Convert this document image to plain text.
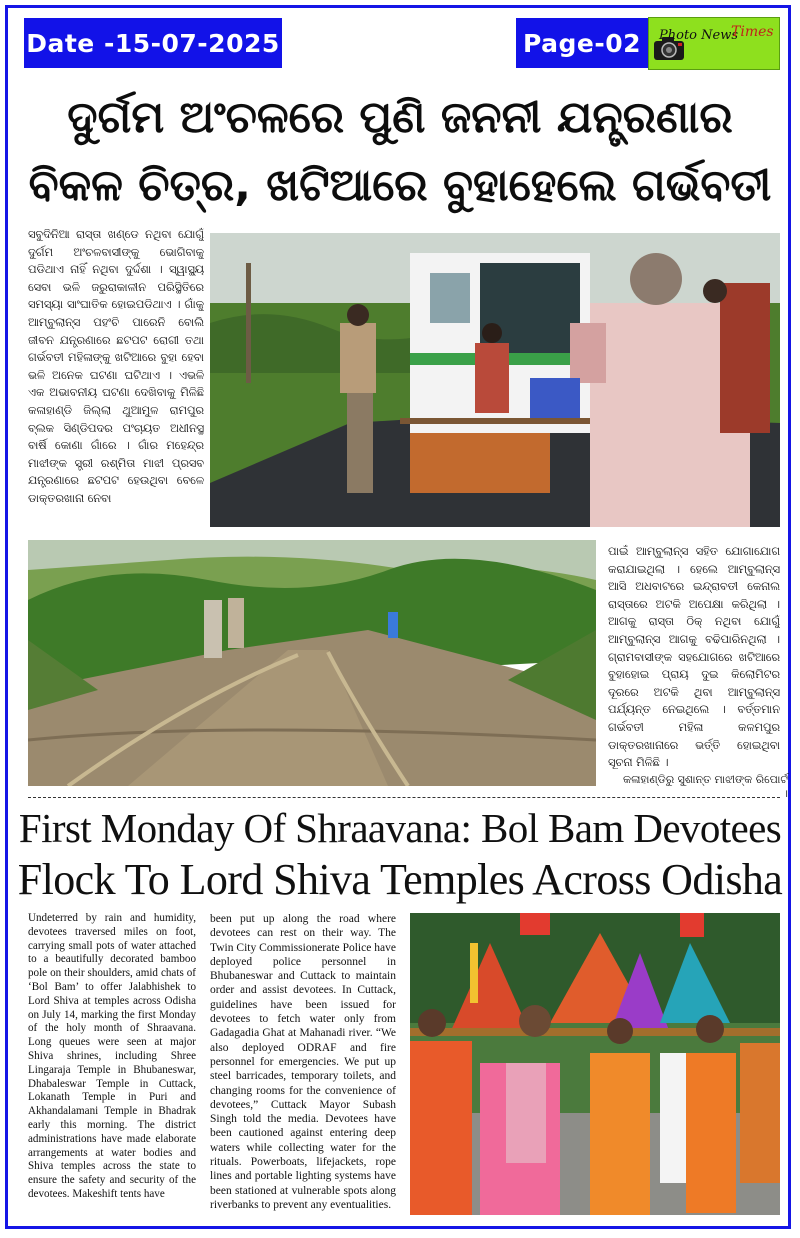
Date -15-07-2025	Page-02 Photo News
Times
ଦୁର୍ଗମ ଅଂଚଳରେ ପୁଣି ଜନନୀ ଯନ୍ତ୍ରଣାର
ବିକଳ ଚିତ୍ର, ଖଟିଆରେ ବୁହାହେଲେ ଗର୍ଭବତୀ
ସବୁଦିନିଆ ରାସ୍ତା ଖଣ୍ଡେ ନଥିବା ଯୋଗୁଁ ଦୁର୍ଗମ ଅଂଚଳବାସୀଙ୍କୁ ଭୋଗିବାକୁ ପଡିଥାଏ ନାହିଁ ନଥିବା ଦୁର୍ଦ୍ଦଶା । ସ୍ୱାସ୍ଥ୍ୟ ସେବା ଭଳି ଜରୁରାକାଳୀନ ପରିସ୍ଥିତିରେ ସମସ୍ୟା ସାଂଘାତିକ ହୋଇପଡିଥାଏ । ଗାଁକୁ ଆମ୍ବୁଲାନ୍ସ ପହଂଚି ପାରେନି ବୋଲି ଜୀବନ ଯନ୍ତ୍ରଣାରେ ଛଟପଟ ରୋଗୀ ତଥା ଗର୍ଭବତୀ ମହିଳାଙ୍କୁ ଖଟିଆରେ ବୁହା ହେବା ଭଳି ଅନେକ ଘଟଣା ଘଟିଥାଏ । ଏଭଳି ଏକ ଅଭାବନୀୟ ଘଟଣା ଦେଖିବାକୁ ମିଳିଛି କଳାହାଣ୍ଡି ଜିଲ୍ଲା ଥୁଆମୁଳ ରାମପୁର ବ୍ଲକ ସିଣ୍ଡିପଦର ପଂଚାୟତ ଅଧୀନସ୍ଥ ବାର୍ଷି କୋଣା ଗାଁରେ । ଗାଁର ମହେନ୍ଦ୍ର ମାଝୀଙ୍କ ସ୍ତ୍ରୀ ରଶ୍ମିତା ମାଝୀ ପ୍ରସବ ଯନ୍ତ୍ରଣାରେ ଛଟପଟ ହେଉଥିବା ବେଳେ ଡାକ୍ତରଖାନା ନେବା
ପାଇଁ ଆମ୍ବୁଲାନ୍ସ ସହିତ ଯୋଗାଯୋଗ କରାଯାଇଥିଲା । ହେଲେ ଆମ୍ବୁଲାନ୍ସ ଆସି ଅଧବାଟରେ ଇନ୍ଦ୍ରାବତୀ କେନାଲ ରାସ୍ତାରେ ଅଟକି ଅପେକ୍ଷା କରିଥିଲା । ଆଗକୁ ରାସ୍ତା ଠିକ୍ ନଥିବା ଯୋଗୁଁ ଆମ୍ବୁଲାନ୍ସ ଆଗକୁ ବଢିପାରିନଥିଲା । ଗ୍ରାମବାସୀଙ୍କ ସହଯୋଗରେ ଖଟିଆରେ ବୁହାହୋଇ ପ୍ରାୟ ଦୁଇ କିଲୋମିଟର ଦୂରରେ ଅଟକି ଥିବା ଆମ୍ବୁଲାନ୍ସ ପର୍ଯ୍ୟନ୍ତ ନେଇଥିଲେ । ବର୍ତ୍ତମାନ ଗର୍ଭବତୀ ମହିଳା କଳମପୁର ଡାକ୍ତରଖାନାରେ ଭର୍ତ୍ତି ହୋଇଥିବା ସୂଚନା ମିଳିଛି ।
କଳାହାଣ୍ଡିରୁ ସୁଶାନ୍ତ ମାଝୀଙ୍କ ରିପୋର୍ଟ ।
First Monday Of Shraavana: Bol Bam Devotees
Flock To Lord Shiva Temples Across Odisha
Undeterred by rain and humidity, devotees traversed miles on foot, carrying small pots of water attached to a beautifully decorated bamboo pole on their shoulders, amid chats of ‘Bol Bam’ to offer Jalabhishek to Lord Shiva at temples across Odisha on July 14, marking the first Monday of the holy month of Shraavana. Long queues were seen at major Shiva shrines, including Shree Lingaraja Temple in Bhubaneswar, Dhabaleswar Temple in Cuttack, Lokanath Temple in Puri and Akhandalamani Temple in Bhadrak early this morning. The district administrations have made elaborate arrangements at water bodies and Shiva temples across the state to ensure the safety and security of the devotees. Makeshift tents have
been put up along the road where devotees can rest on their way. The Twin City Commissionerate Police have deployed police personnel in Bhubaneswar and Cuttack to maintain order and assist devotees. In Cuttack, guidelines have been issued for devotees to fetch water only from Gadagadia Ghat at Mahanadi river. “We also deployed ODRAF and fire personnel for emergencies. We put up steel barricades, temporary toilets, and changing rooms for the convenience of devotees,” Cuttack Mayor Subash Singh told the media. Devotees have been cautioned against entering deep waters while collecting water for the rituals. Powerboats, lifejackets, rope lines and portable lighting systems have been stationed at vulnerable spots along riverbanks to prevent any eventualities.
